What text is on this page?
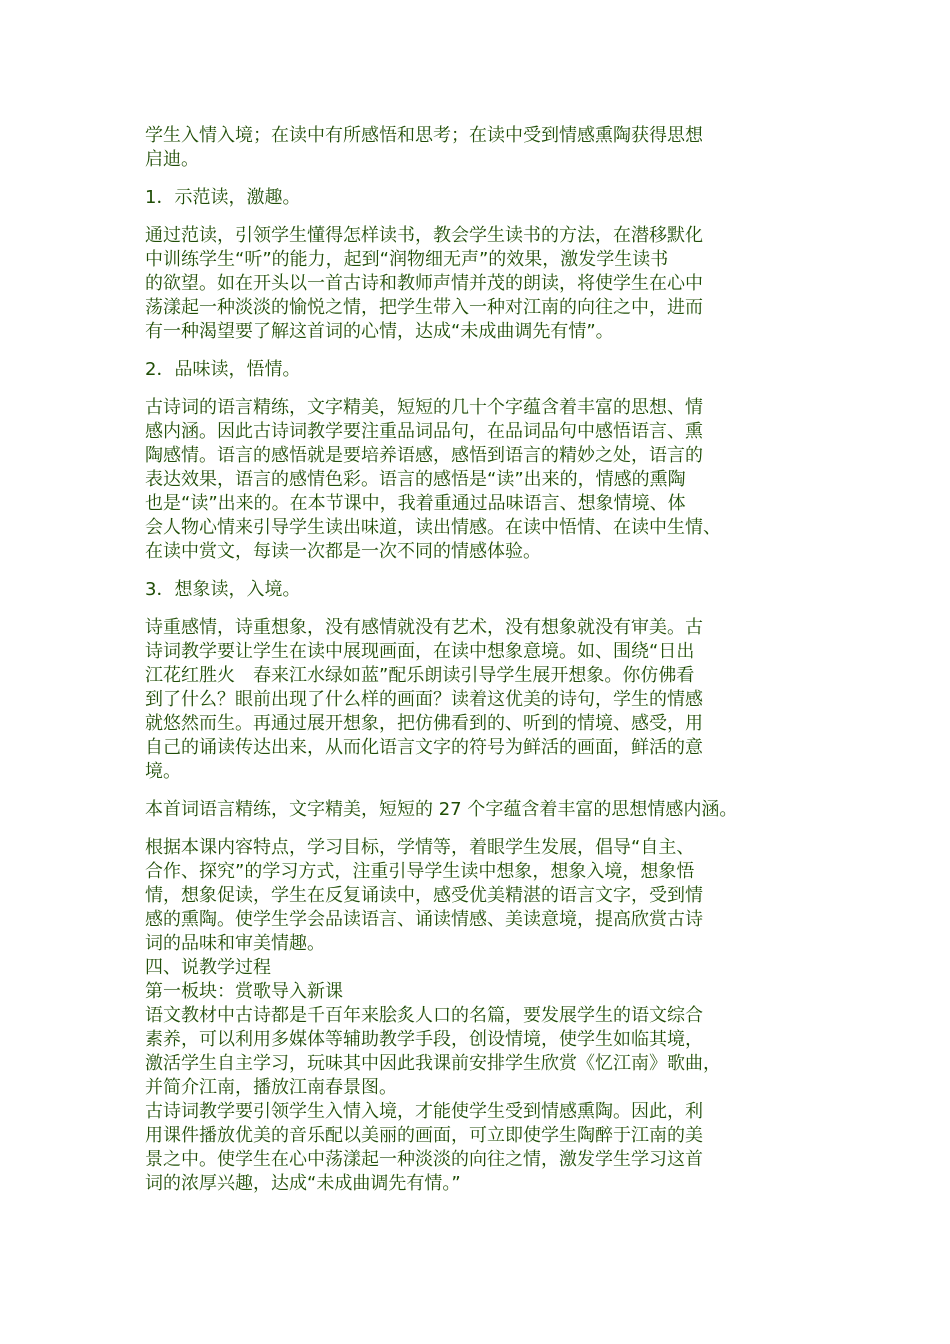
学生入情入境；在读中有所感悟和思考；在读中受到情感熏陶获得思想
启迪。

1．示范读，激趣。

通过范读，引领学生懂得怎样读书，教会学生读书的方法，在潜移默化
中训练学生“听”的能力，起到“润物细无声”的效果，激发学生读书
的欲望。如在开头以一首古诗和教师声情并茂的朗读，将使学生在心中
荡漾起一种淡淡的愉悦之情，把学生带入一种对江南的向往之中，进而
有一种渴望要了解这首词的心情，达成“未成曲调先有情”。

2．品味读，悟情。

古诗词的语言精练，文字精美，短短的几十个字蕴含着丰富的思想、情
感内涵。因此古诗词教学要注重品词品句，在品词品句中感悟语言、熏
陶感情。语言的感悟就是要培养语感，感悟到语言的精妙之处，语言的
表达效果，语言的感情色彩。语言的感悟是“读”出来的，情感的熏陶
也是“读”出来的。在本节课中，我着重通过品味语言、想象情境、体
会人物心情来引导学生读出味道，读出情感。在读中悟情、在读中生情、
在读中赏文，每读一次都是一次不同的情感体验。

3．想象读，入境。

诗重感情，诗重想象，没有感情就没有艺术，没有想象就没有审美。古
诗词教学要让学生在读中展现画面，在读中想象意境。如、围绕“日出
江花红胜火　春来江水绿如蓝”配乐朗读引导学生展开想象。你仿佛看
到了什么？眼前出现了什么样的画面？读着这优美的诗句，学生的情感
就悠然而生。再通过展开想象，把仿佛看到的、听到的情境、感受，用
自己的诵读传达出来，从而化语言文字的符号为鲜活的画面，鲜活的意
境。

本首词语言精练，文字精美，短短的 27 个字蕴含着丰富的思想情感内涵。

根据本课内容特点，学习目标，学情等，着眼学生发展，倡导“自主、
合作、探究”的学习方式，注重引导学生读中想象，想象入境，想象悟
情，想象促读，学生在反复诵读中，感受优美精湛的语言文字，受到情
感的熏陶。使学生学会品读语言、诵读情感、美读意境，提高欣赏古诗
词的品味和审美情趣。

四、说教学过程

第一板块：赏歌导入新课

语文教材中古诗都是千百年来脍炙人口的名篇，要发展学生的语文综合
素养，可以利用多媒体等辅助教学手段，创设情境，使学生如临其境，
激活学生自主学习，玩味其中因此我课前安排学生欣赏《忆江南》歌曲，
并简介江南，播放江南春景图。

古诗词教学要引领学生入情入境，才能使学生受到情感熏陶。因此，利
用课件播放优美的音乐配以美丽的画面，可立即使学生陶醉于江南的美
景之中。使学生在心中荡漾起一种淡淡的向往之情，激发学生学习这首
词的浓厚兴趣，达成“未成曲调先有情。”
